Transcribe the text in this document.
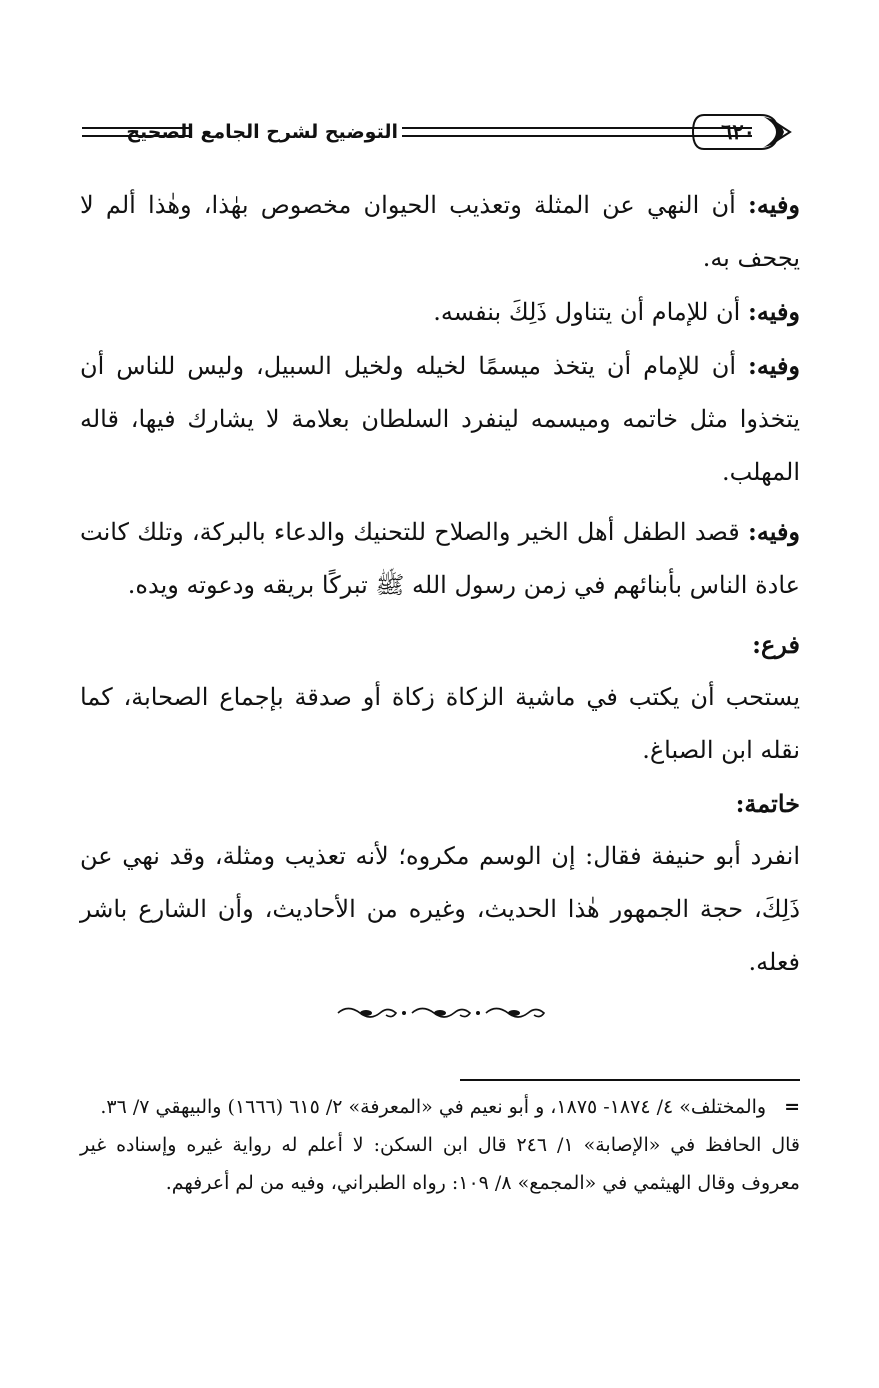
التوضيح لشرح الجامع الصحيح	٦٢٠

وفيه: أن النهي عن المثلة وتعذيب الحيوان مخصوص بهٰذا، وهٰذا ألم لا يجحف به.

وفيه: أن للإمام أن يتناول ذَلِكَ بنفسه.

وفيه: أن للإمام أن يتخذ ميسمًا لخيله ولخيل السبيل، وليس للناس أن يتخذوا مثل خاتمه وميسمه لينفرد السلطان بعلامة لا يشارك فيها، قاله المهلب.

وفيه: قصد الطفل أهل الخير والصلاح للتحنيك والدعاء بالبركة، وتلك كانت عادة الناس بأبنائهم في زمن رسول الله ﷺ تبركًا بريقه ودعوته ويده.

فرع:

يستحب أن يكتب في ماشية الزكاة زكاة أو صدقة بإجماع الصحابة، كما نقله ابن الصباغ.

خاتمة:

انفرد أبو حنيفة فقال: إن الوسم مكروه؛ لأنه تعذيب ومثلة، وقد نهي عن ذَلِكَ، حجة الجمهور هٰذا الحديث، وغيره من الأحاديث، وأن الشارع باشر فعله.

=والمختلف» ٤/ ١٨٧٤- ١٨٧٥، و أبو نعيم في «المعرفة» ٢/ ٦١٥ (١٦٦٦) والبيهقي ٧/ ٣٦.

قال الحافظ في «الإصابة» ١/ ٢٤٦ قال ابن السكن: لا أعلم له رواية غيره وإسناده غير معروف وقال الهيثمي في «المجمع» ٨/ ١٠٩: رواه الطبراني، وفيه من لم أعرفهم.
